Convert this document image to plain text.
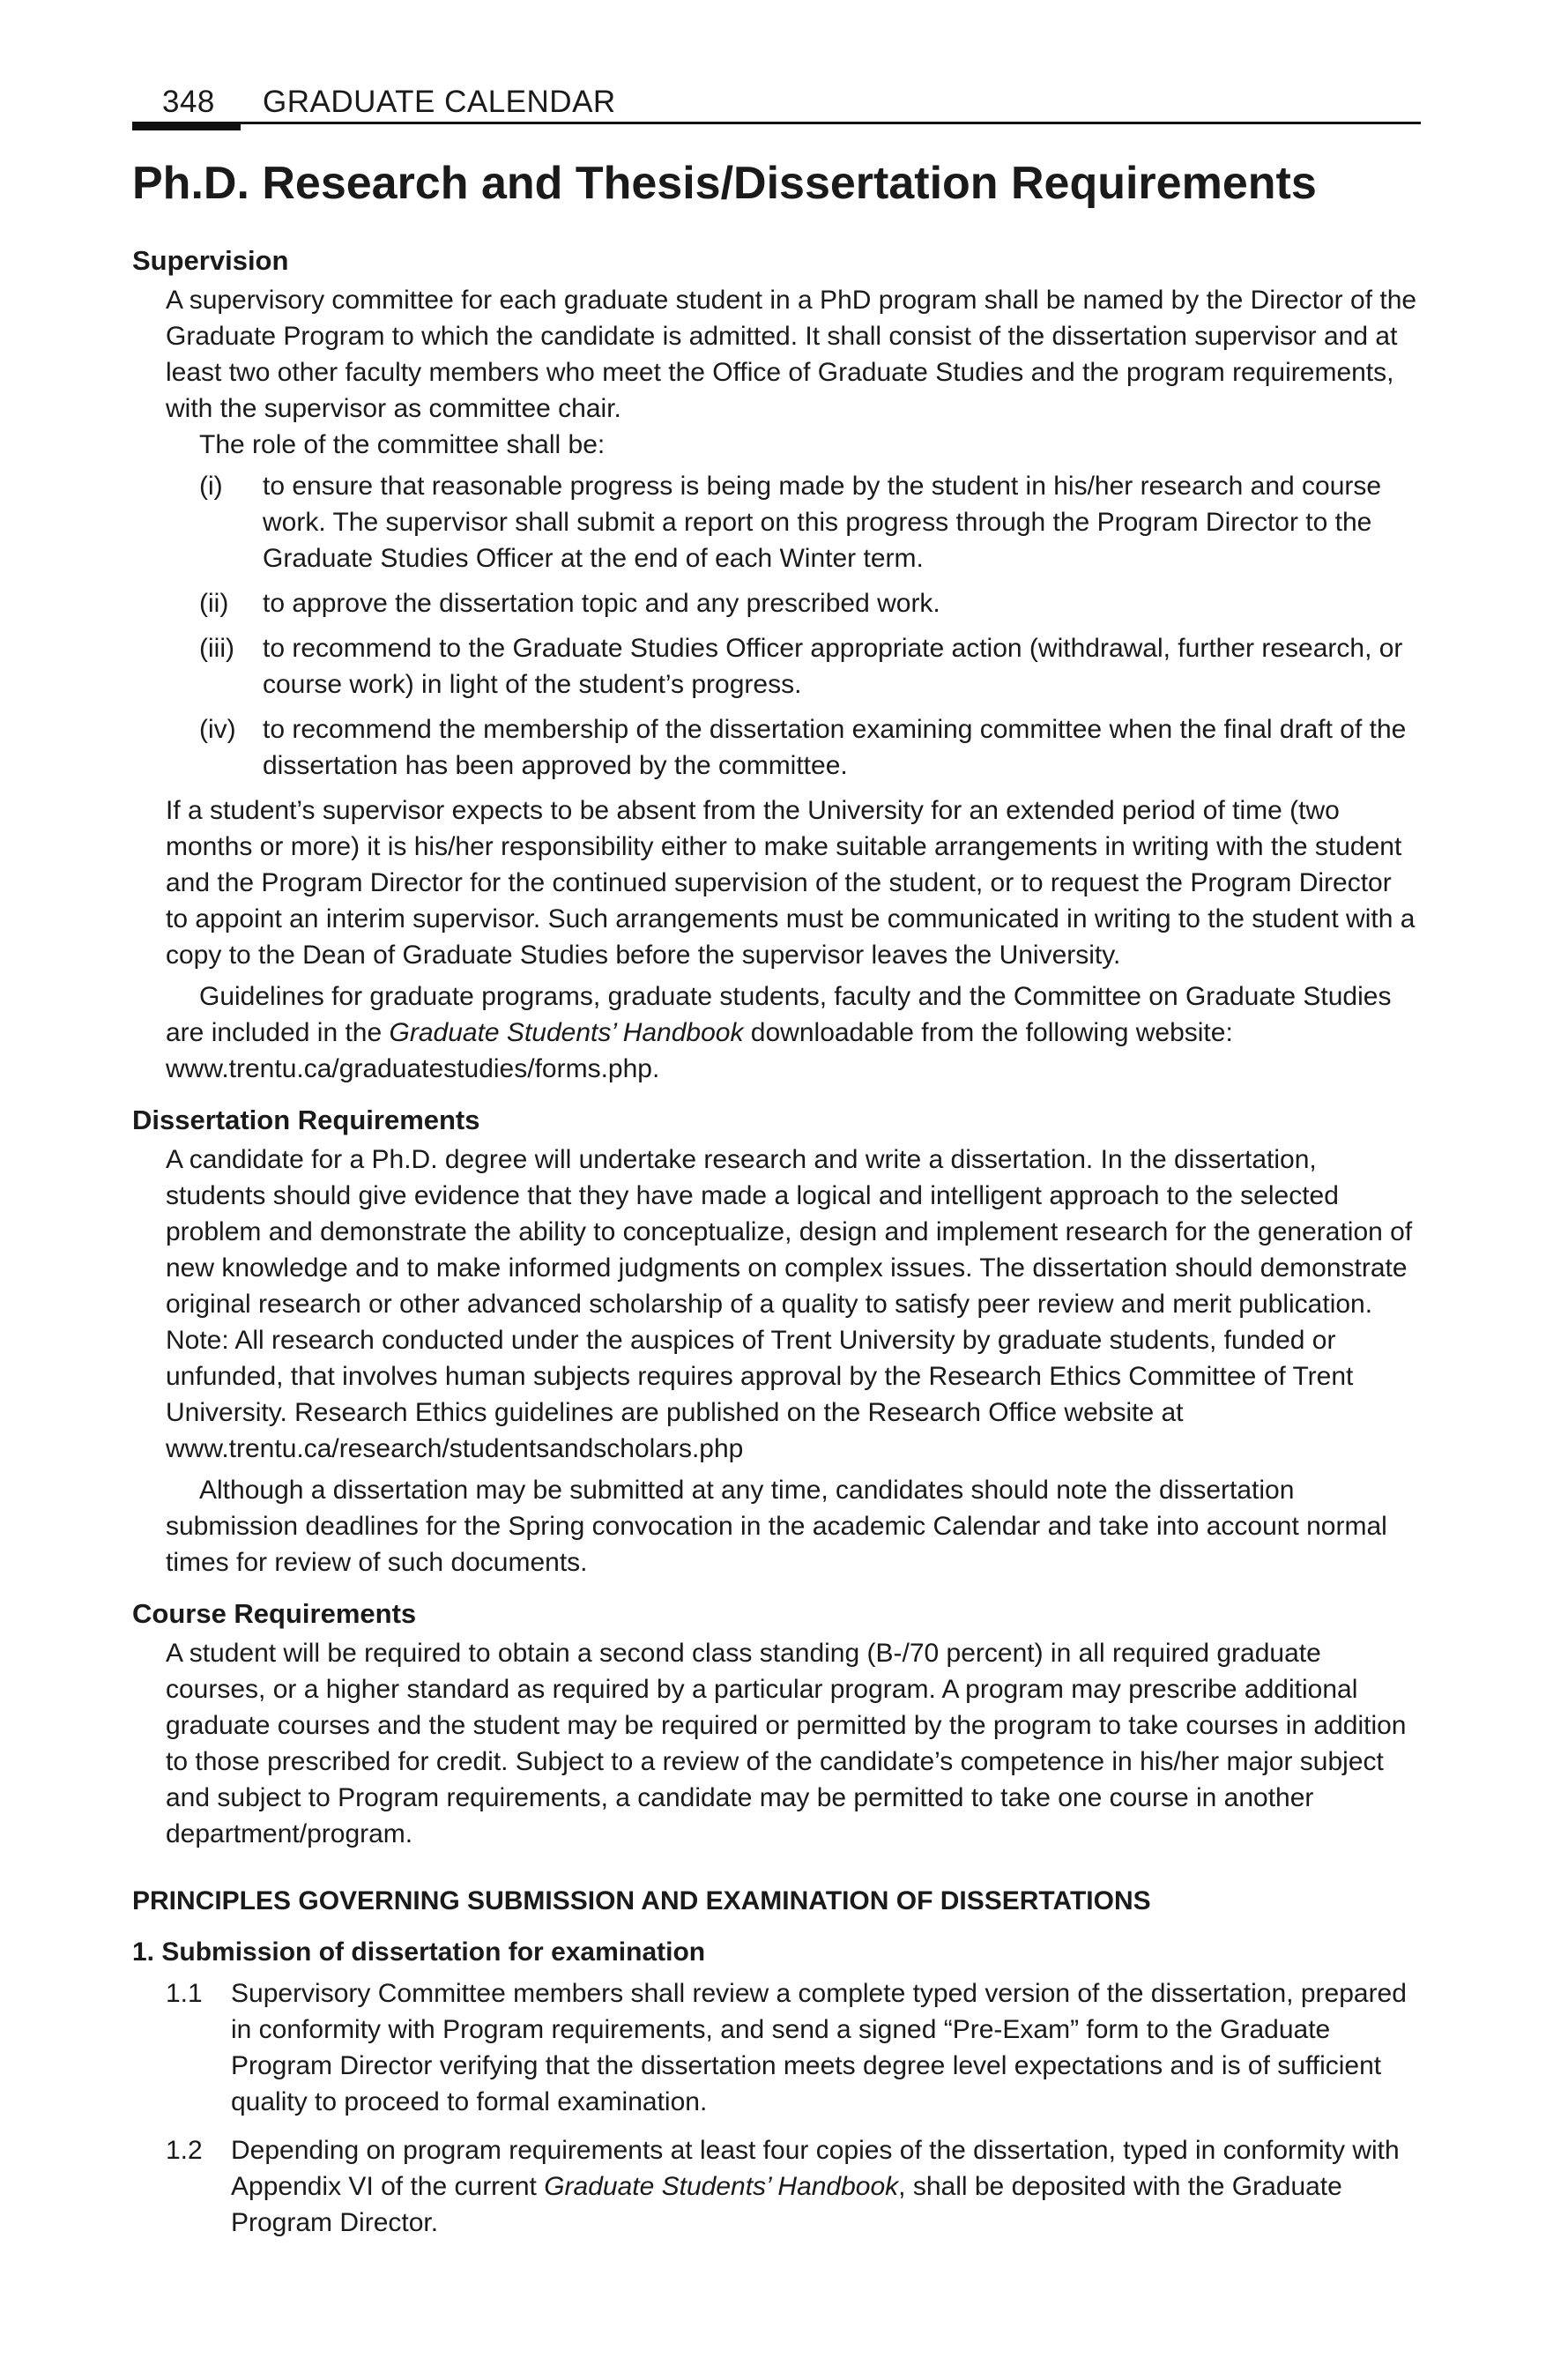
348 GRADUATE CALENDAR
Ph.D. Research and Thesis/Dissertation Requirements
Supervision

A supervisory committee for each graduate student in a PhD program shall be named by the Director of the Graduate Program to which the candidate is admitted. It shall consist of the dissertation supervisor and at least two other faculty members who meet the Office of Graduate Studies and the program requirements, with the supervisor as committee chair.

The role of the committee shall be:

(i)	to ensure that reasonable progress is being made by the student in his/her research and course work. The supervisor shall submit a report on this progress through the Program Director to the Graduate Studies Officer at the end of each Winter term.
(ii)	to approve the dissertation topic and any prescribed work.
(iii)	to recommend to the Graduate Studies Officer appropriate action (withdrawal, further research, or course work) in light of the student’s progress.
(iv)	to recommend the membership of the dissertation examining committee when the final draft of the dissertation has been approved by the committee.

If a student’s supervisor expects to be absent from the University for an extended period of time (two months or more) it is his/her responsibility either to make suitable arrangements in writing with the student and the Program Director for the continued supervision of the student, or to request the Program Director to appoint an interim supervisor. Such arrangements must be communicated in writing to the student with a copy to the Dean of Graduate Studies before the supervisor leaves the University.

Guidelines for graduate programs, graduate students, faculty and the Committee on Graduate Studies are included in the Graduate Students’ Handbook downloadable from the following website: www.trentu.ca/graduatestudies/forms.php.

Dissertation Requirements

A candidate for a Ph.D. degree will undertake research and write a dissertation. In the dissertation, students should give evidence that they have made a logical and intelligent approach to the selected problem and demonstrate the ability to conceptualize, design and implement research for the generation of new knowledge and to make informed judgments on complex issues. The dissertation should demonstrate original research or other advanced scholarship of a quality to satisfy peer review and merit publication. Note: All research conducted under the auspices of Trent University by graduate students, funded or unfunded, that involves human subjects requires approval by the Research Ethics Committee of Trent University. Research Ethics guidelines are published on the Research Office website at www.trentu.ca/research/studentsandscholars.php

Although a dissertation may be submitted at any time, candidates should note the dissertation submission deadlines for the Spring convocation in the academic Calendar and take into account normal times for review of such documents.

Course Requirements

A student will be required to obtain a second class standing (B-/70 percent) in all required graduate courses, or a higher standard as required by a particular program. A program may prescribe additional graduate courses and the student may be required or permitted by the program to take courses in addition to those prescribed for credit. Subject to a review of the candidate’s competence in his/her major subject and subject to Program requirements, a candidate may be permitted to take one course in another department/program.

PRINCIPLES GOVERNING SUBMISSION AND EXAMINATION OF DISSERTATIONS
1. Submission of dissertation for examination
1.1	Supervisory Committee members shall review a complete typed version of the dissertation, prepared in conformity with Program requirements, and send a signed “Pre-Exam” form to the Graduate Program Director verifying that the dissertation meets degree level expectations and is of sufficient quality to proceed to formal examination.
1.2	Depending on program requirements at least four copies of the dissertation, typed in conformity with Appendix VI of the current Graduate Students’ Handbook, shall be deposited with the Graduate Program Director.
